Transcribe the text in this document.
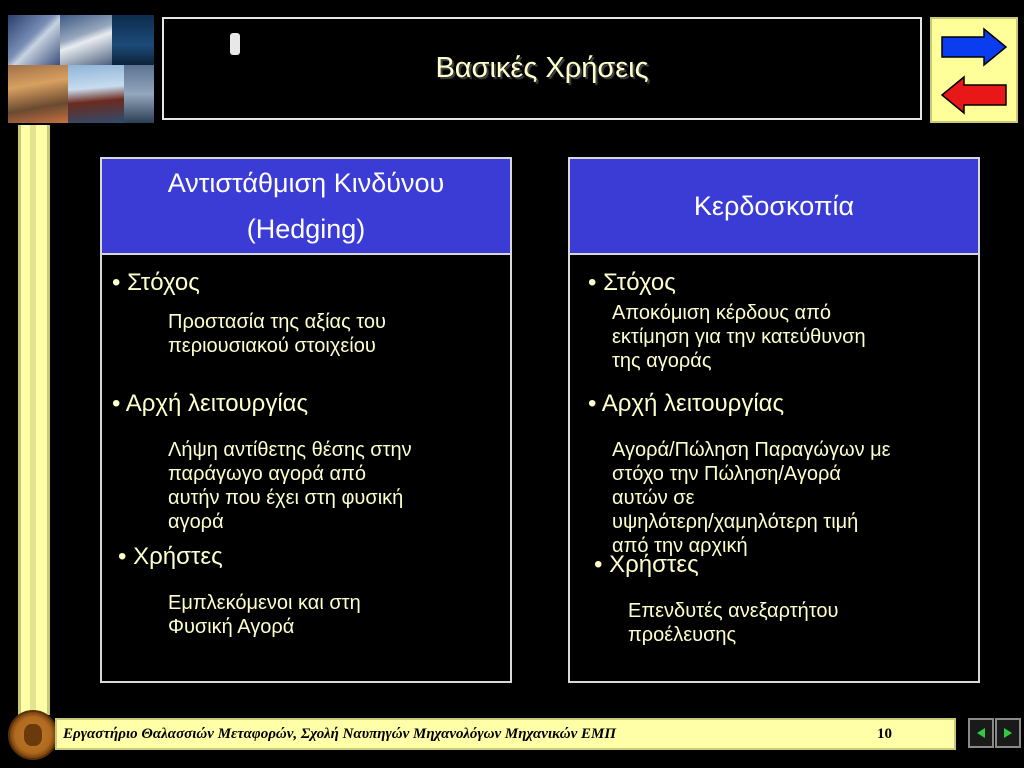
Βασικές Χρήσεις
Αντιστάθμιση Κινδύνου
(Hedging)
• Στόχος
Προστασία της αξίας του
περιουσιακού στοιχείου
• Αρχή λειτουργίας
Λήψη αντίθετης θέσης στην
παράγωγο αγορά από
αυτήν που έχει στη φυσική
αγορά
• Χρήστες
Εμπλεκόμενοι και στη
Φυσική Αγορά
Κερδοσκοπία
• Στόχος
Αποκόμιση κέρδους από
εκτίμηση για την κατεύθυνση
της αγοράς
• Αρχή λειτουργίας
Αγορά/Πώληση Παραγώγων με
στόχο την Πώληση/Αγορά
αυτών σε
υψηλότερη/χαμηλότερη τιμή
από την αρχική
• Χρήστες
Επενδυτές ανεξαρτήτου
προέλευσης
Εργαστήριο Θαλασσιών Μεταφορών, Σχολή Ναυπηγών Μηχανολόγων Μηχανικών ΕΜΠ	10
